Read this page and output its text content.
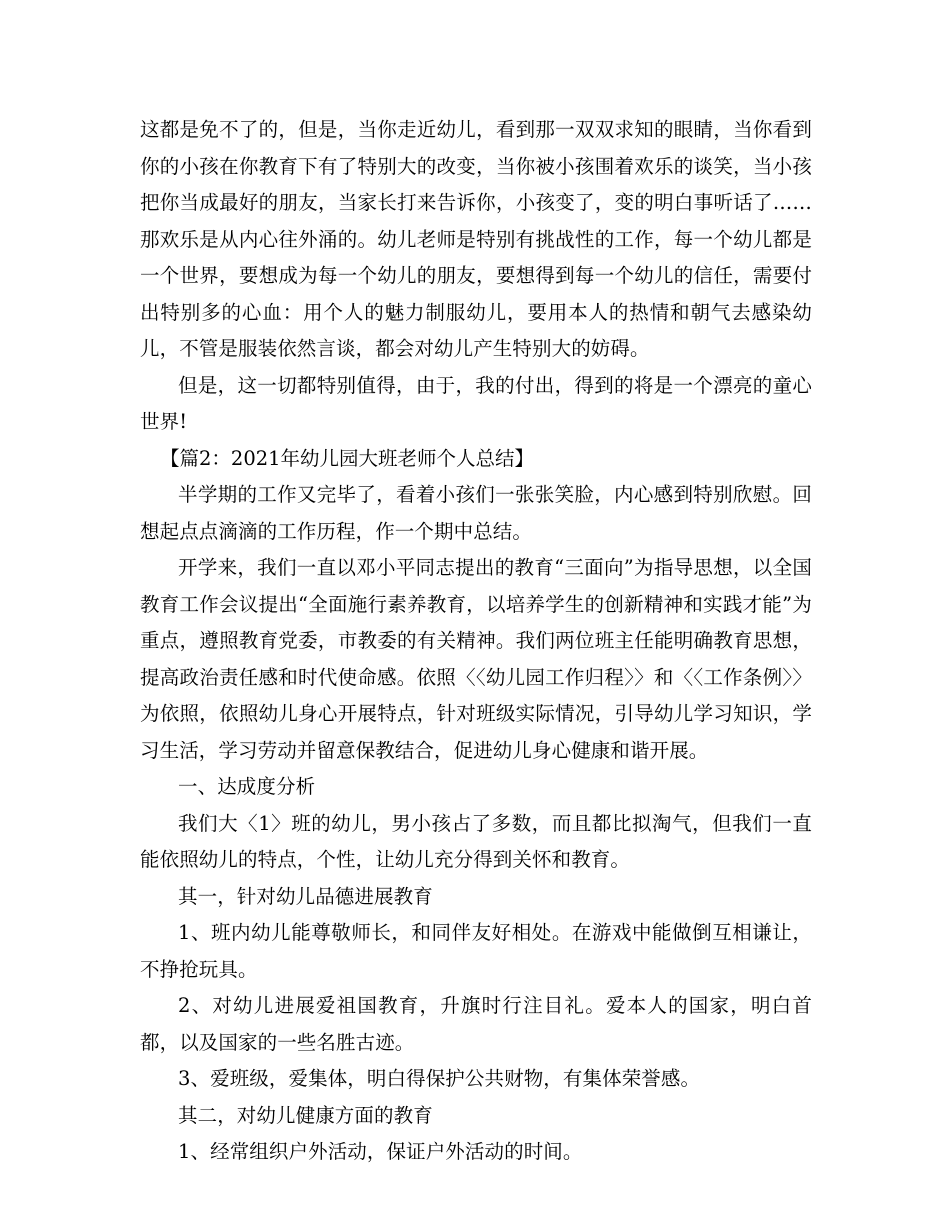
这都是免不了的，但是，当你走近幼儿，看到那一双双求知的眼睛，当你看到你的小孩在你教育下有了特别大的改变，当你被小孩围着欢乐的谈笑，当小孩把你当成最好的朋友，当家长打来告诉你，小孩变了，变的明白事听话了……那欢乐是从内心往外涌的。幼儿老师是特别有挑战性的工作，每一个幼儿都是一个世界，要想成为每一个幼儿的朋友，要想得到每一个幼儿的信任，需要付出特别多的心血：用个人的魅力制服幼儿，要用本人的热情和朝气去感染幼儿，不管是服装依然言谈，都会对幼儿产生特别大的妨碍。

但是，这一切都特别值得，由于，我的付出，得到的将是一个漂亮的童心世界!

【篇2：2021年幼儿园大班老师个人总结】

半学期的工作又完毕了，看着小孩们一张张笑脸，内心感到特别欣慰。回想起点点滴滴的工作历程，作一个期中总结。

开学来，我们一直以邓小平同志提出的教育“三面向”为指导思想，以全国教育工作会议提出“全面施行素养教育，以培养学生的创新精神和实践才能”为重点，遵照教育党委，市教委的有关精神。我们两位班主任能明确教育思想，提高政治责任感和时代使命感。依照〈〈幼儿园工作归程〉〉和〈〈工作条例〉〉为依照，依照幼儿身心开展特点，针对班级实际情况，引导幼儿学习知识，学习生活，学习劳动并留意保教结合，促进幼儿身心健康和谐开展。

一、达成度分析

我们大〈1〉班的幼儿，男小孩占了多数，而且都比拟淘气，但我们一直能依照幼儿的特点，个性，让幼儿充分得到关怀和教育。

其一，针对幼儿品德进展教育

1、班内幼儿能尊敬师长，和同伴友好相处。在游戏中能做倒互相谦让，不挣抢玩具。

2、对幼儿进展爱祖国教育，升旗时行注目礼。爱本人的国家，明白首都，以及国家的一些名胜古迹。

3、爱班级，爱集体，明白得保护公共财物，有集体荣誉感。

其二，对幼儿健康方面的教育

1、经常组织户外活动，保证户外活动的时间。
